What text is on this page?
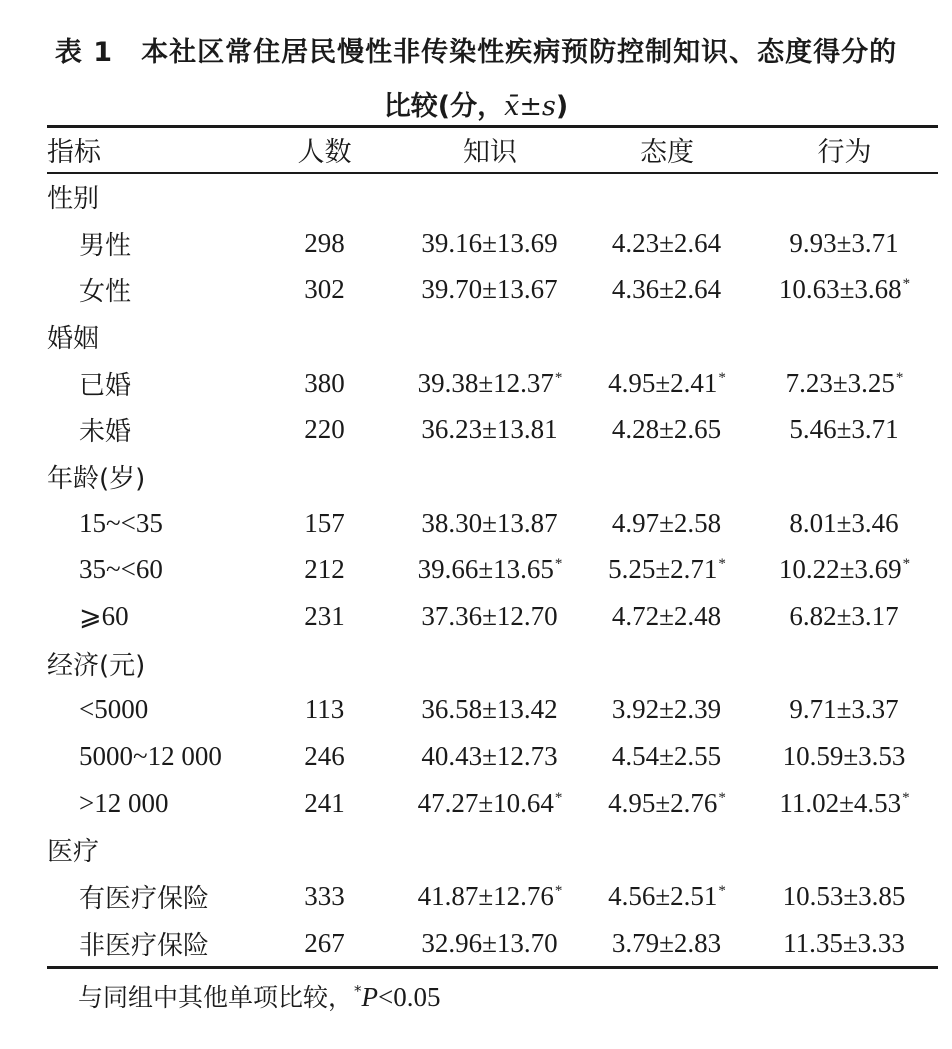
表 1　本社区常住居民慢性非传染性疾病预防控制知识、态度得分的
比较(分，x̄±s)
指标	人数	知识	态度	行为
性别				
男性	298	39.16±13.69	4.23±2.64	9.93±3.71
女性	302	39.70±13.67	4.36±2.64	10.63±3.68*
婚姻				
已婚	380	39.38±12.37*	4.95±2.41*	7.23±3.25*
未婚	220	36.23±13.81	4.28±2.65	5.46±3.71
年龄(岁)				
15~<35	157	38.30±13.87	4.97±2.58	8.01±3.46
35~<60	212	39.66±13.65*	5.25±2.71*	10.22±3.69*
⩾60	231	37.36±12.70	4.72±2.48	6.82±3.17
经济(元)				
<5000	113	36.58±13.42	3.92±2.39	9.71±3.37
5000~12 000	246	40.43±12.73	4.54±2.55	10.59±3.53
>12 000	241	47.27±10.64*	4.95±2.76*	11.02±4.53*
医疗				
有医疗保险	333	41.87±12.76*	4.56±2.51*	10.53±3.85
非医疗保险	267	32.96±13.70	3.79±2.83	11.35±3.33
与同组中其他单项比较，*P<0.05
